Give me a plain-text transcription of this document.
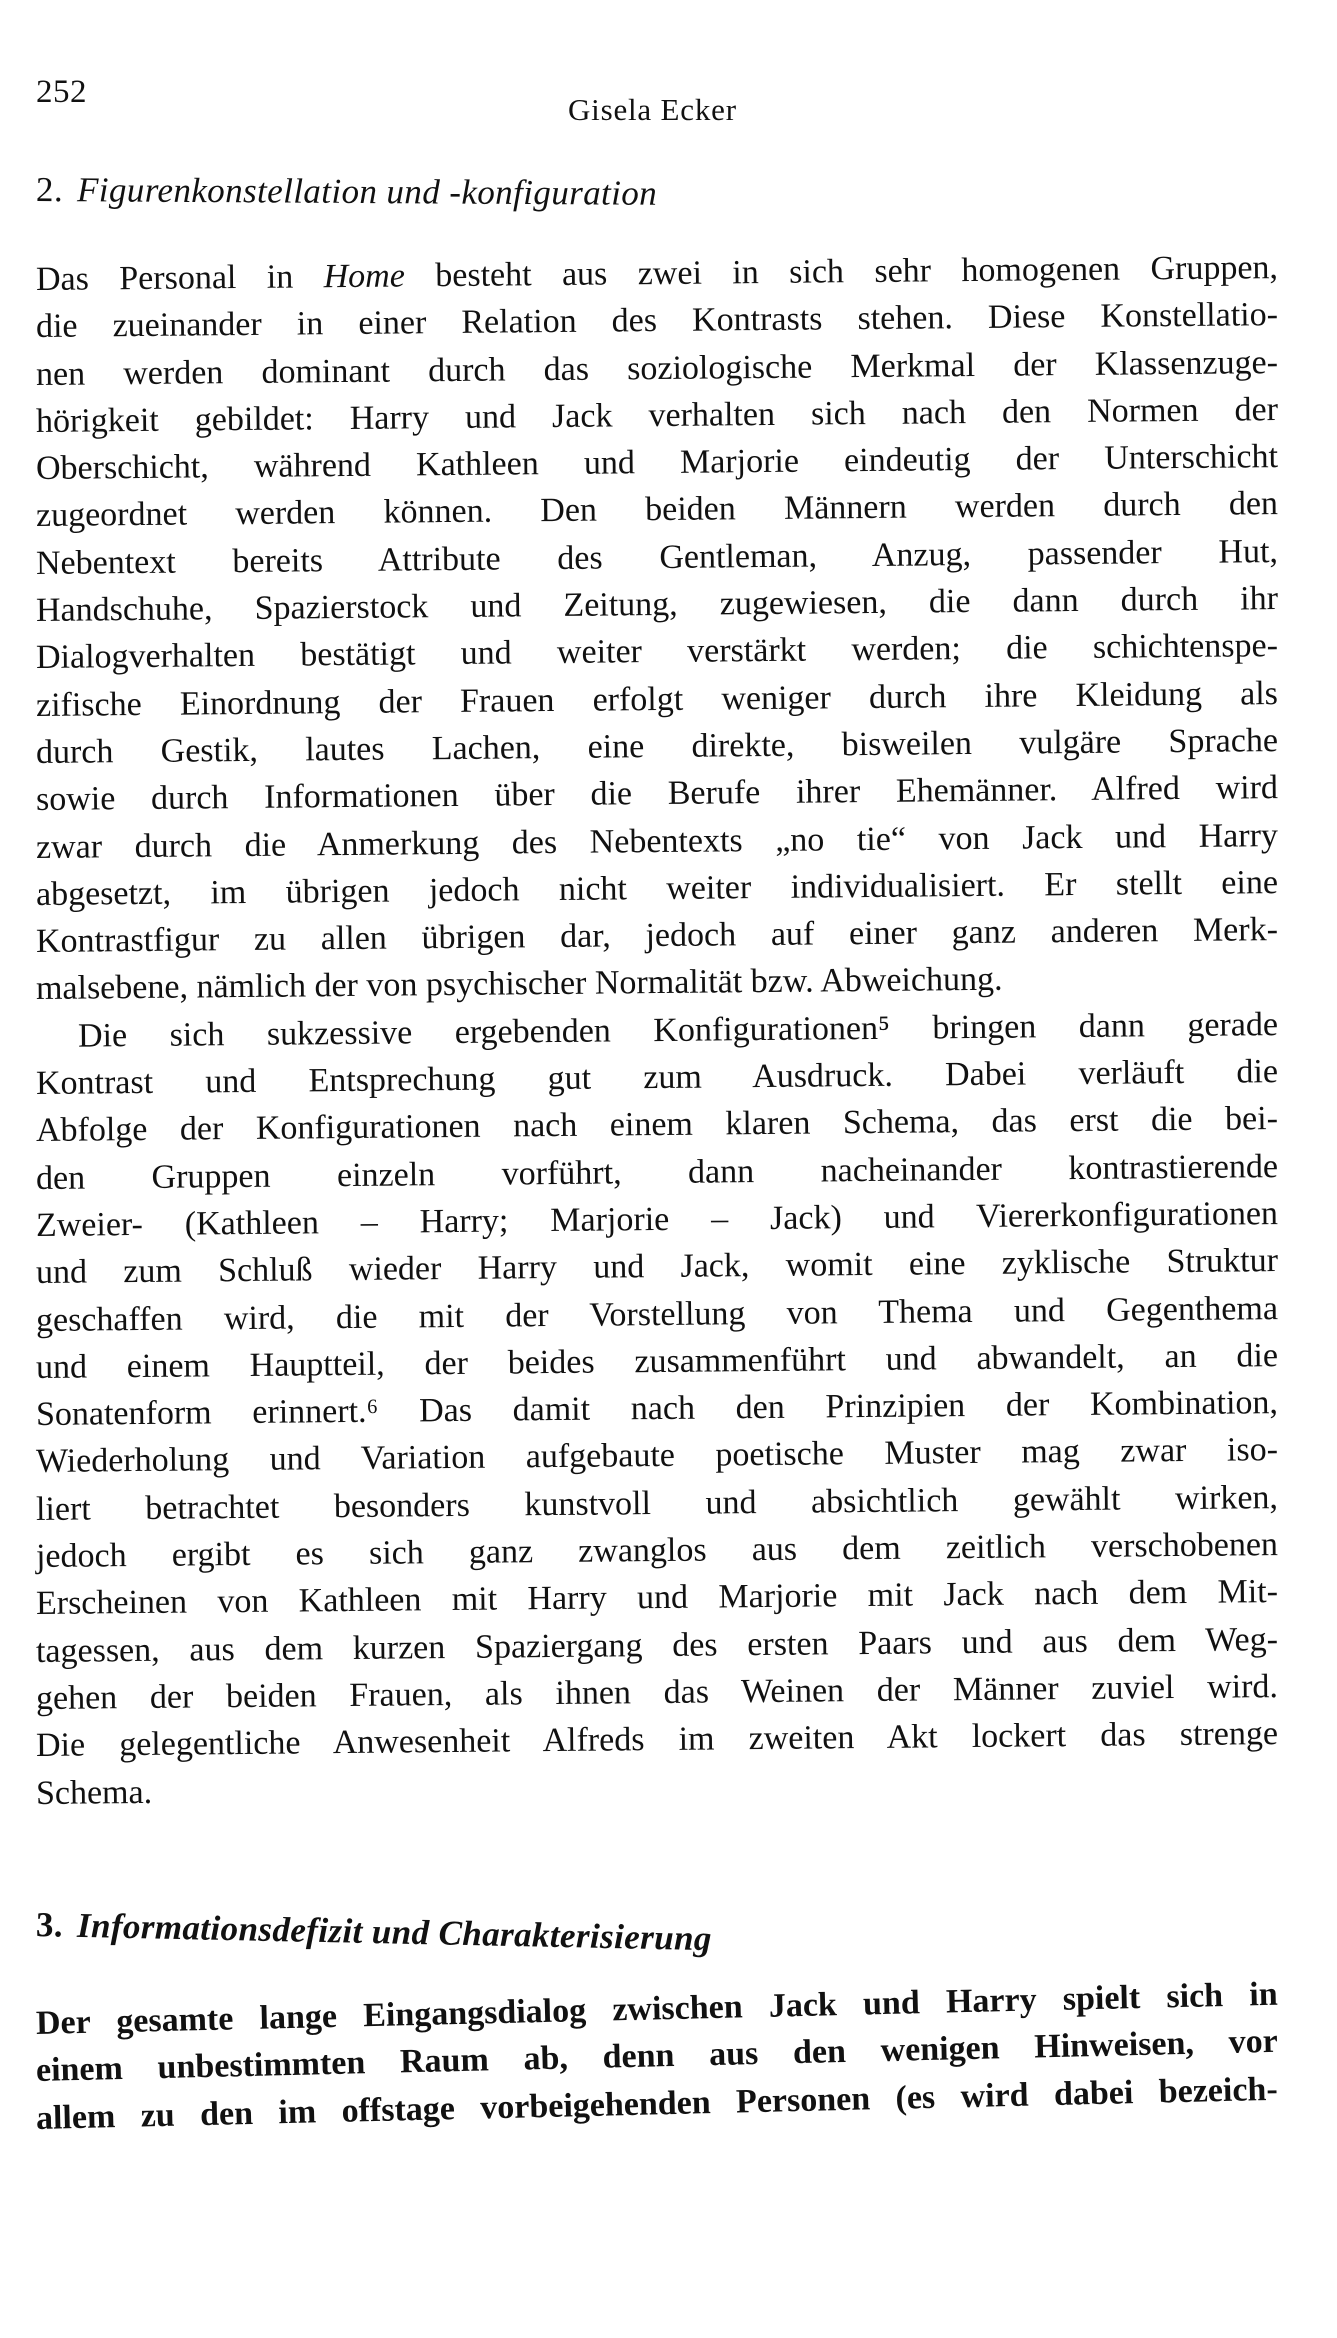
252	Gisela Ecker
2. Figurenkonstellation und -konfiguration
Das Personal in Home besteht aus zwei in sich sehr homogenen Gruppen,
die zueinander in einer Relation des Kontrasts stehen. Diese Konstellatio-
nen werden dominant durch das soziologische Merkmal der Klassenzuge-
hörigkeit gebildet: Harry und Jack verhalten sich nach den Normen der
Oberschicht, während Kathleen und Marjorie eindeutig der Unterschicht
zugeordnet werden können. Den beiden Männern werden durch den
Nebentext bereits Attribute des Gentleman, Anzug, passender Hut,
Handschuhe, Spazierstock und Zeitung, zugewiesen, die dann durch ihr
Dialogverhalten bestätigt und weiter verstärkt werden; die schichtenspe-
zifische Einordnung der Frauen erfolgt weniger durch ihre Kleidung als
durch Gestik, lautes Lachen, eine direkte, bisweilen vulgäre Sprache
sowie durch Informationen über die Berufe ihrer Ehemänner. Alfred wird
zwar durch die Anmerkung des Nebentexts „no tie“ von Jack und Harry
abgesetzt, im übrigen jedoch nicht weiter individualisiert. Er stellt eine
Kontrastfigur zu allen übrigen dar, jedoch auf einer ganz anderen Merk-
malsebene, nämlich der von psychischer Normalität bzw. Abweichung.
Die sich sukzessive ergebenden Konfigurationen⁵ bringen dann gerade
Kontrast und Entsprechung gut zum Ausdruck. Dabei verläuft die
Abfolge der Konfigurationen nach einem klaren Schema, das erst die bei-
den Gruppen einzeln vorführt, dann nacheinander kontrastierende
Zweier- (Kathleen – Harry; Marjorie – Jack) und Viererkonfigurationen
und zum Schluß wieder Harry und Jack, womit eine zyklische Struktur
geschaffen wird, die mit der Vorstellung von Thema und Gegenthema
und einem Hauptteil, der beides zusammenführt und abwandelt, an die
Sonatenform erinnert.⁶ Das damit nach den Prinzipien der Kombination,
Wiederholung und Variation aufgebaute poetische Muster mag zwar iso-
liert betrachtet besonders kunstvoll und absichtlich gewählt wirken,
jedoch ergibt es sich ganz zwanglos aus dem zeitlich verschobenen
Erscheinen von Kathleen mit Harry und Marjorie mit Jack nach dem Mit-
tagessen, aus dem kurzen Spaziergang des ersten Paars und aus dem Weg-
gehen der beiden Frauen, als ihnen das Weinen der Männer zuviel wird.
Die gelegentliche Anwesenheit Alfreds im zweiten Akt lockert das strenge
Schema.
3. Informationsdefizit und Charakterisierung
Der gesamte lange Eingangsdialog zwischen Jack und Harry spielt sich in
einem unbestimmten Raum ab, denn aus den wenigen Hinweisen, vor
allem zu den im offstage vorbeigehenden Personen (es wird dabei bezeich-
